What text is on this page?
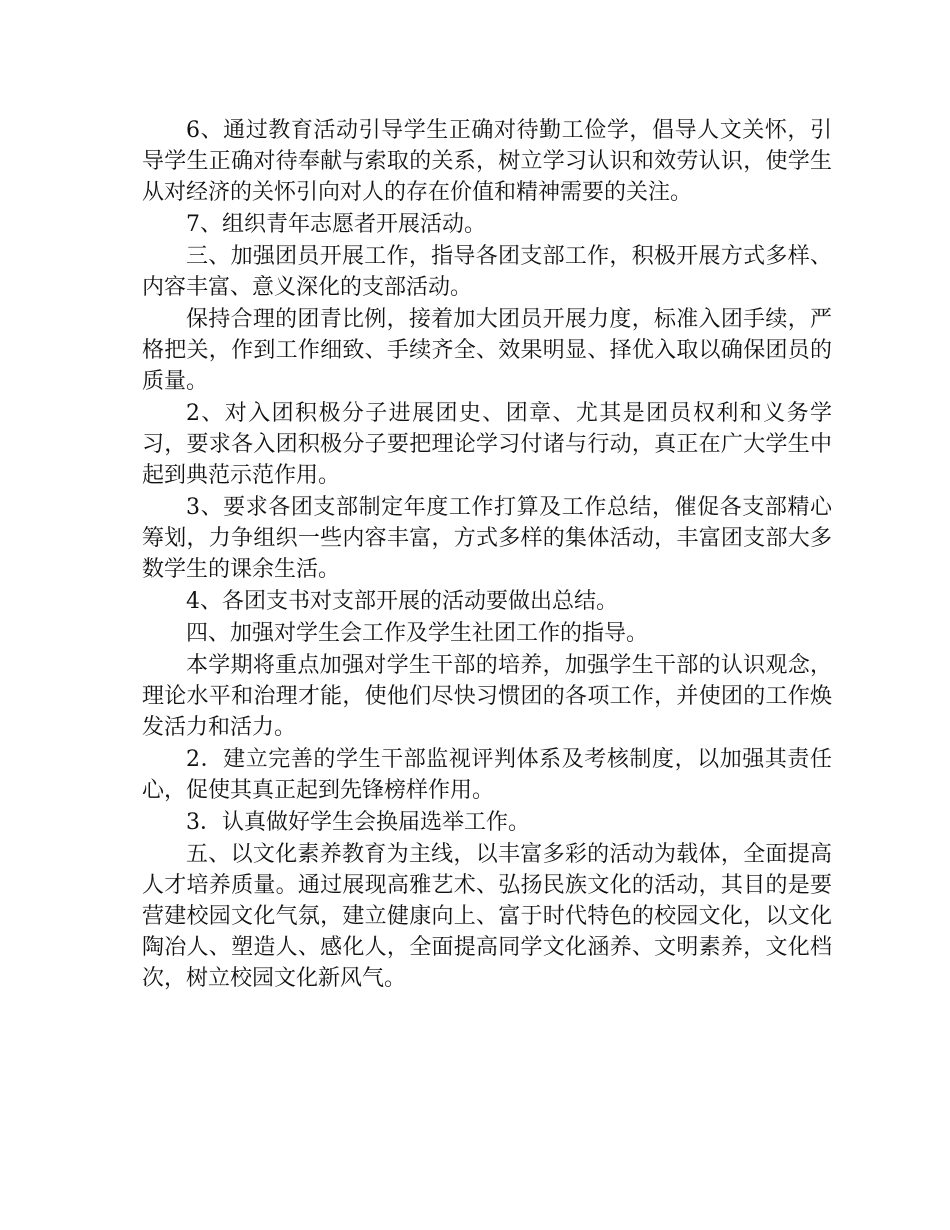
6、通过教育活动引导学生正确对待勤工俭学，倡导人文关怀，引导学生正确对待奉献与索取的关系，树立学习认识和效劳认识，使学生从对经济的关怀引向对人的存在价值和精神需要的关注。

7、组织青年志愿者开展活动。

三、加强团员开展工作，指导各团支部工作，积极开展方式多样、内容丰富、意义深化的支部活动。

保持合理的团青比例，接着加大团员开展力度，标准入团手续，严格把关，作到工作细致、手续齐全、效果明显、择优入取以确保团员的质量。

2、对入团积极分子进展团史、团章、尤其是团员权利和义务学习，要求各入团积极分子要把理论学习付诸与行动，真正在广大学生中起到典范示范作用。

3、要求各团支部制定年度工作打算及工作总结，催促各支部精心筹划，力争组织一些内容丰富，方式多样的集体活动，丰富团支部大多数学生的课余生活。

4、各团支书对支部开展的活动要做出总结。

四、加强对学生会工作及学生社团工作的指导。

本学期将重点加强对学生干部的培养，加强学生干部的认识观念，理论水平和治理才能，使他们尽快习惯团的各项工作，并使团的工作焕发活力和活力。

2．建立完善的学生干部监视评判体系及考核制度，以加强其责任心，促使其真正起到先锋榜样作用。

3．认真做好学生会换届选举工作。

五、以文化素养教育为主线，以丰富多彩的活动为载体，全面提高人才培养质量。通过展现高雅艺术、弘扬民族文化的活动，其目的是要营建校园文化气氛，建立健康向上、富于时代特色的校园文化，以文化陶冶人、塑造人、感化人，全面提高同学文化涵养、文明素养，文化档次，树立校园文化新风气。
